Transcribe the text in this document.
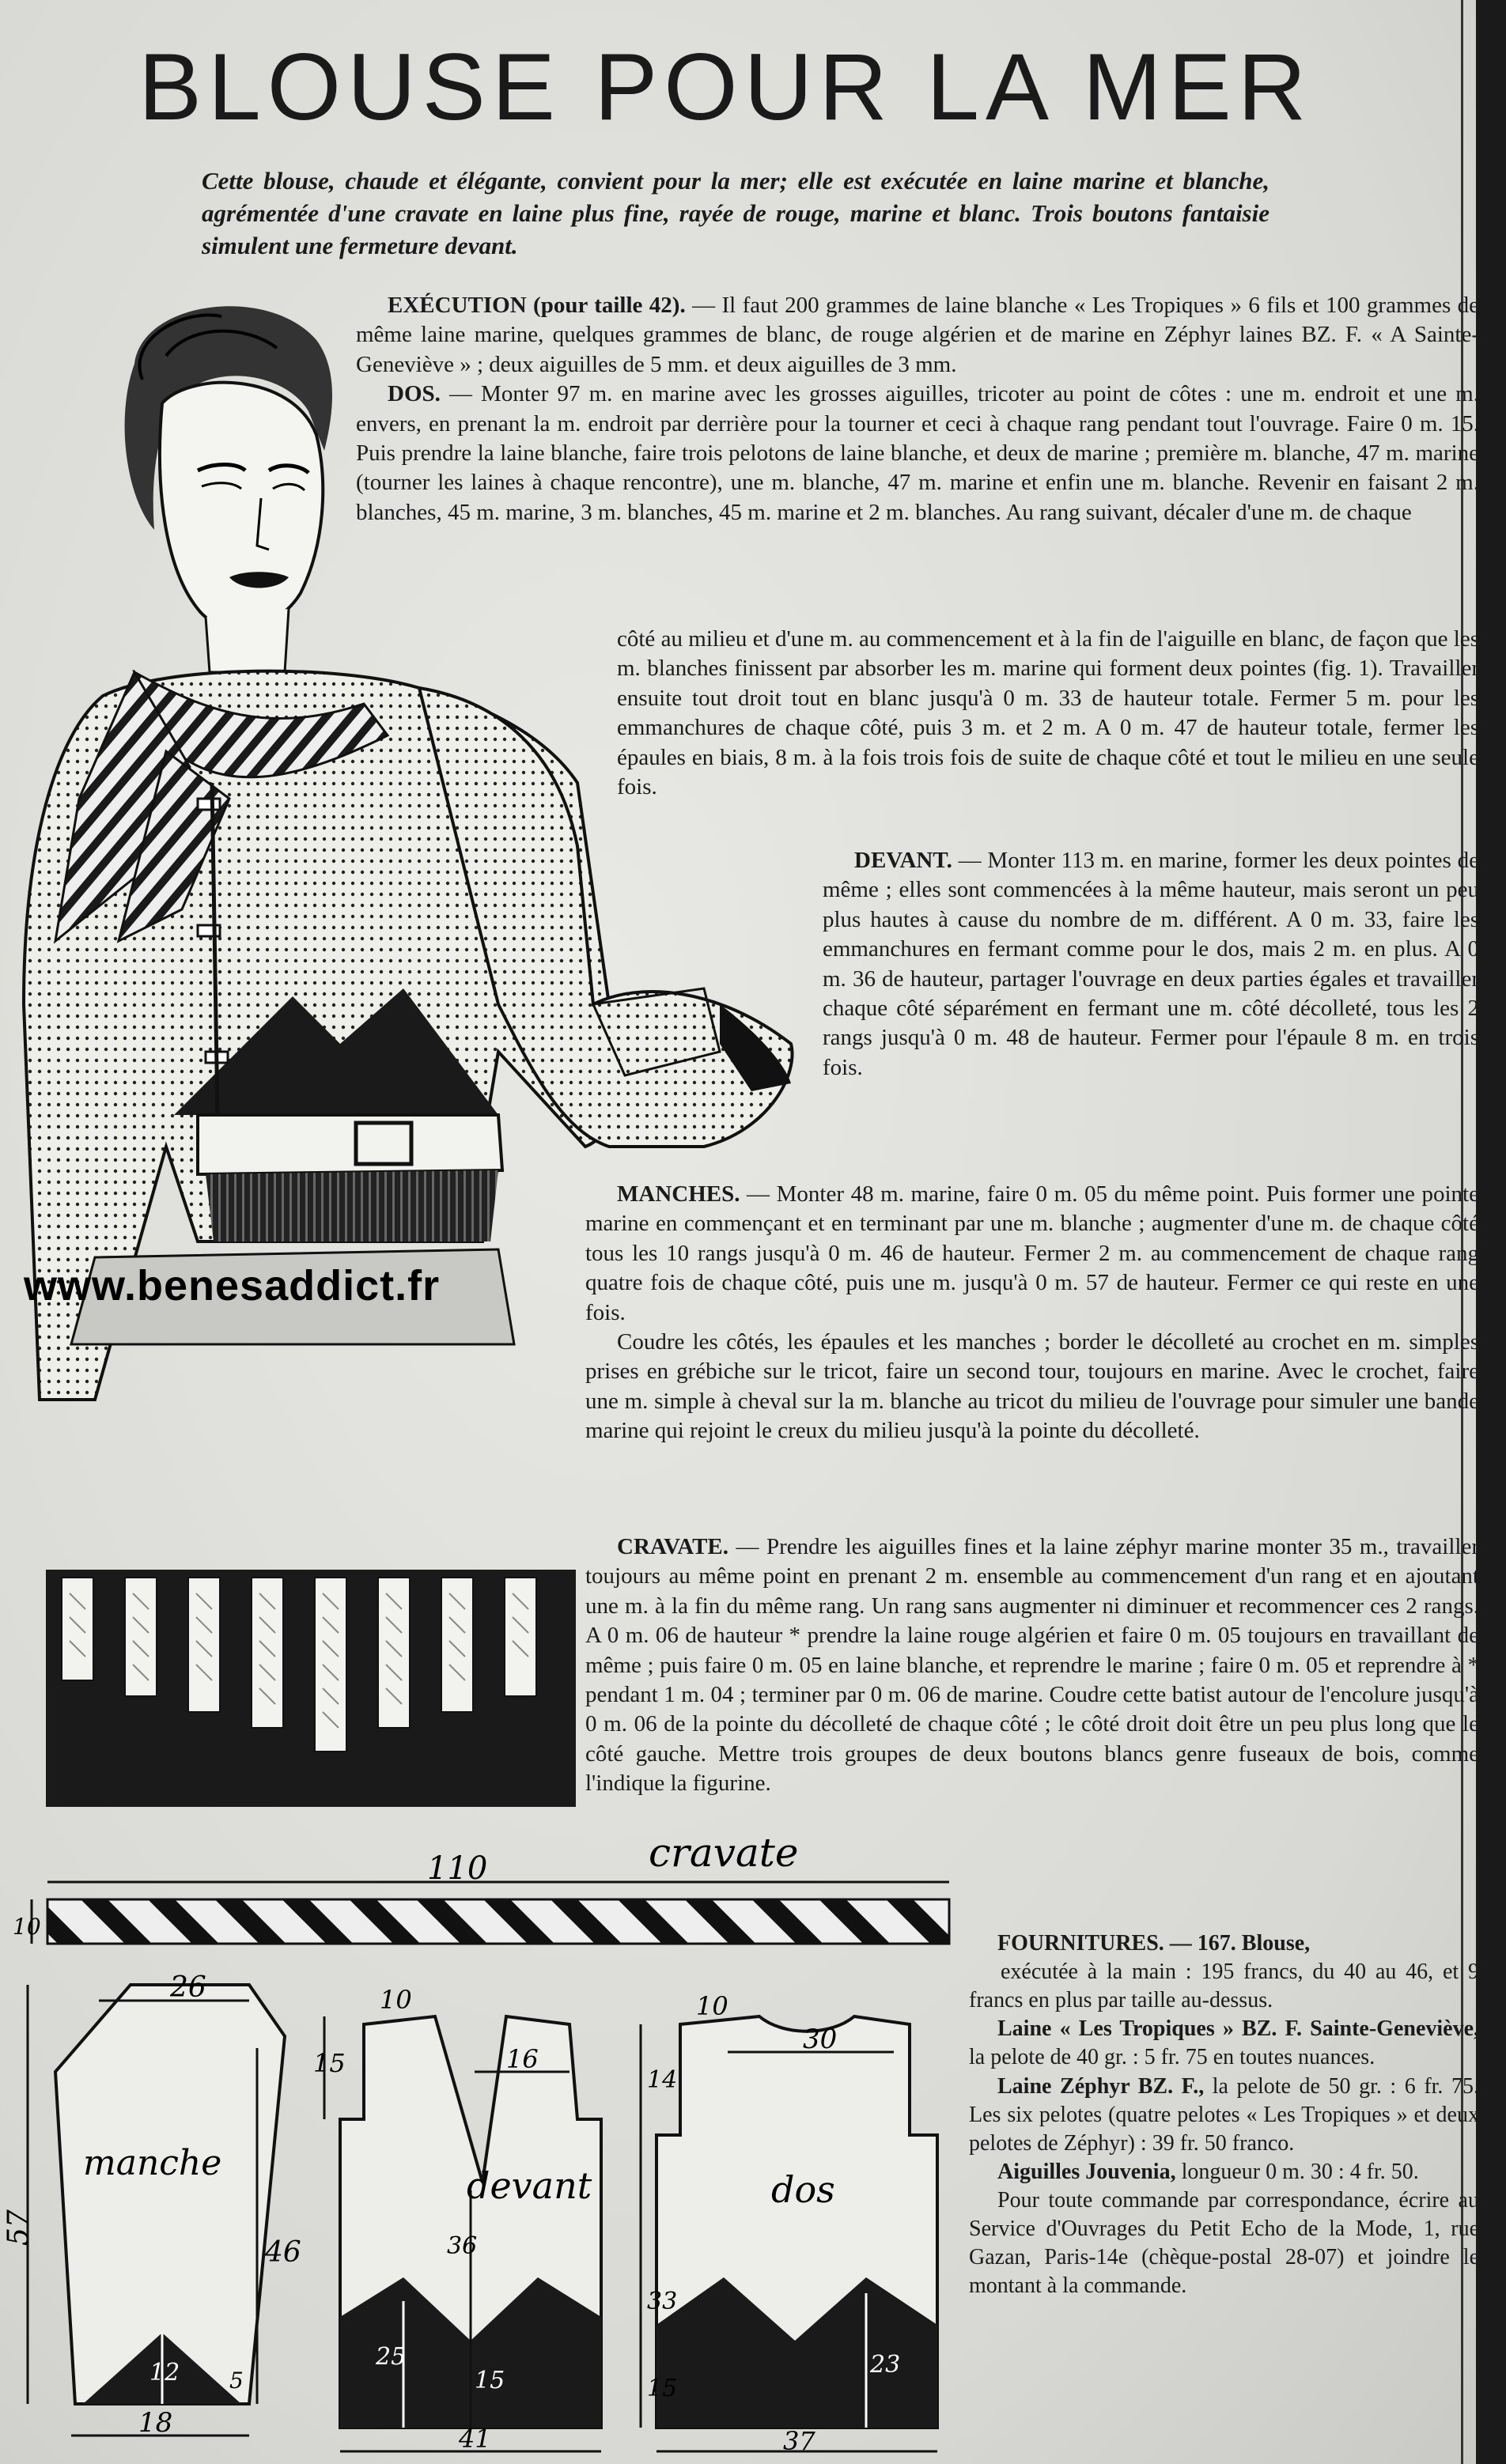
BLOUSE POUR LA MER
Cette blouse, chaude et élégante, convient pour la mer; elle est exécutée en laine marine et blanche, agrémentée d'une cravate en laine plus fine, rayée de rouge, marine et blanc. Trois boutons fantaisie simulent une fermeture devant.
www.benesaddict.fr
110	cravate
10
26
manche
57
46
12 5
18
10
16
15
devant
36
25
15
41
10
30
14
dos
33
15
23
37

EXÉCUTION (pour taille 42). — Il faut 200 grammes de laine blanche « Les Tropiques » 6 fils et 100 grammes de même laine marine, quelques grammes de blanc, de rouge algérien et de marine en Zéphyr laines BZ. F. « A Sainte-Geneviève » ; deux aiguilles de 5 mm. et deux aiguilles de 3 mm.

DOS. — Monter 97 m. en marine avec les grosses aiguilles, tricoter au point de côtes : une m. endroit et une m. envers, en prenant la m. endroit par derrière pour la tourner et ceci à chaque rang pendant tout l'ouvrage. Faire 0 m. 15. Puis prendre la laine blanche, faire trois pelotons de laine blanche, et deux de marine ; première m. blanche, 47 m. marine (tourner les laines à chaque rencontre), une m. blanche, 47 m. marine et enfin une m. blanche. Revenir en faisant 2 m. blanches, 45 m. marine, 3 m. blanches, 45 m. marine et 2 m. blanches. Au rang suivant, décaler d'une m. de chaque

côté au milieu et d'une m. au commencement et à la fin de l'aiguille en blanc, de façon que les m. blanches finissent par absorber les m. marine qui forment deux pointes (fig. 1). Travailler ensuite tout droit tout en blanc jusqu'à 0 m. 33 de hauteur totale. Fermer 5 m. pour les emmanchures de chaque côté, puis 3 m. et 2 m. A 0 m. 47 de hauteur totale, fermer les épaules en biais, 8 m. à la fois trois fois de suite de chaque côté et tout le milieu en une seule fois.

DEVANT. — Monter 113 m. en marine, former les deux pointes de même ; elles sont commencées à la même hauteur, mais seront un peu plus hautes à cause du nombre de m. différent. A 0 m. 33, faire les emmanchures en fermant comme pour le dos, mais 2 m. en plus. A 0 m. 36 de hauteur, partager l'ouvrage en deux parties égales et travailler chaque côté séparément en fermant une m. côté décolleté, tous les 2 rangs jusqu'à 0 m. 48 de hauteur. Fermer pour l'épaule 8 m. en trois fois.

MANCHES. — Monter 48 m. marine, faire 0 m. 05 du même point. Puis former une pointe marine en commençant et en terminant par une m. blanche ; augmenter d'une m. de chaque côté tous les 10 rangs jusqu'à 0 m. 46 de hauteur. Fermer 2 m. au commencement de chaque rang quatre fois de chaque côté, puis une m. jusqu'à 0 m. 57 de hauteur. Fermer ce qui reste en une fois.

Coudre les côtés, les épaules et les manches ; border le décolleté au crochet en m. simples prises en grébiche sur le tricot, faire un second tour, toujours en marine. Avec le crochet, faire une m. simple à cheval sur la m. blanche au tricot du milieu de l'ouvrage pour simuler une bande marine qui rejoint le creux du milieu jusqu'à la pointe du décolleté.

CRAVATE. — Prendre les aiguilles fines et la laine zéphyr marine monter 35 m., travailler toujours au même point en prenant 2 m. ensemble au commencement d'un rang et en ajoutant une m. à la fin du même rang. Un rang sans augmenter ni diminuer et recommencer ces 2 rangs. A 0 m. 06 de hauteur * prendre la laine rouge algérien et faire 0 m. 05 toujours en travaillant de même ; puis faire 0 m. 05 en laine blanche, et reprendre le marine ; faire 0 m. 05 et reprendre à * pendant 1 m. 04 ; terminer par 0 m. 06 de marine. Coudre cette batist autour de l'encolure jusqu'à 0 m. 06 de la pointe du décolleté de chaque côté ; le côté droit doit être un peu plus long que le côté gauche. Mettre trois groupes de deux boutons blancs genre fuseaux de bois, comme l'indique la figurine.

FOURNITURES. — 167. Blouse,

exécutée à la main : 195 francs, du 40 au 46, et 9 francs en plus par taille au-dessus.

Laine « Les Tropiques » BZ. F. Sainte-Geneviève, la pelote de 40 gr. : 5 fr. 75 en toutes nuances.

Laine Zéphyr BZ. F., la pelote de 50 gr. : 6 fr. 75. Les six pelotes (quatre pelotes « Les Tropiques » et deux pelotes de Zéphyr) : 39 fr. 50 franco.

Aiguilles Jouvenia, longueur 0 m. 30 : 4 fr. 50.

Pour toute commande par correspondance, écrire au Service d'Ouvrages du Petit Echo de la Mode, 1, rue Gazan, Paris-14e (chèque-postal 28-07) et joindre le montant à la commande.
